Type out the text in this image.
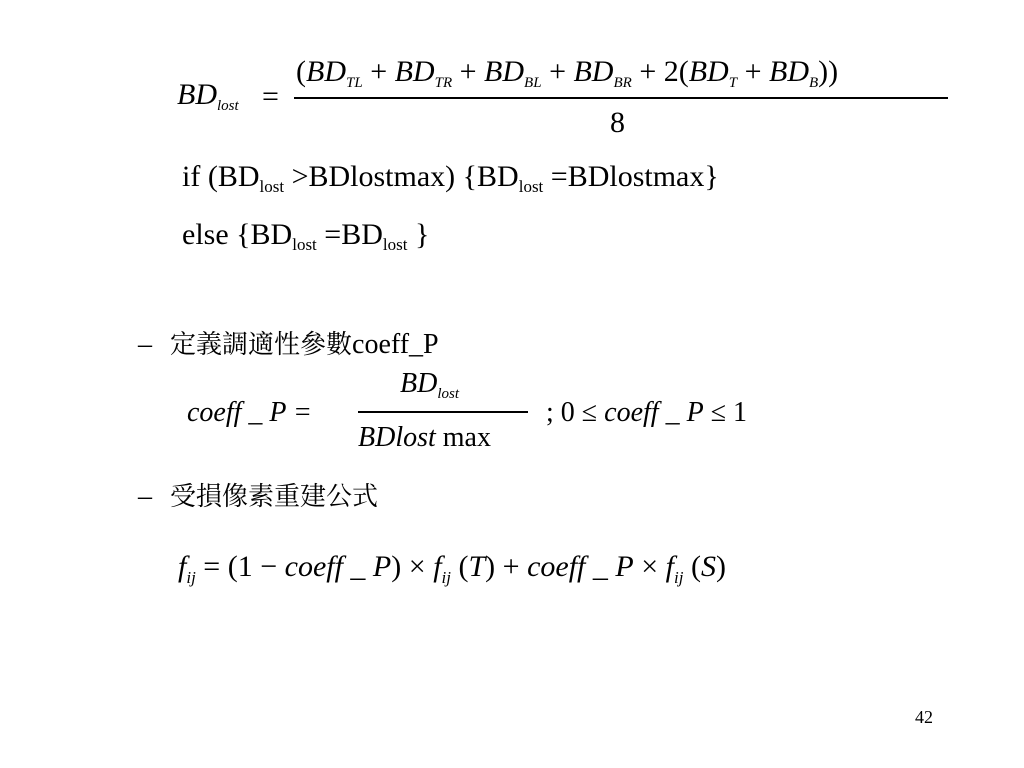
$BD_{lost}$ =
$(BD_{TL} + BD_{TR} + BD_{BL} + BD_{BR} + 2(BD_T + BD_B))$
8
if ($BD_{lost}$ >BDlostmax) {$BD_{lost}$ =BDlostmax}
else {$BD_{lost} =BD_{lost}$ }
– 定義調適性參數coeff_P
coeff _ P =
$BD_{lost}$
BDlost max
; 0 ≤ coeff _ P ≤ 1
– 受損像素重建公式
$f_{ij} = (1$ − coeff _ $P) \times f_{ij}$ (T) + coeff _ $P \times f_{ij}$ (S)
42
